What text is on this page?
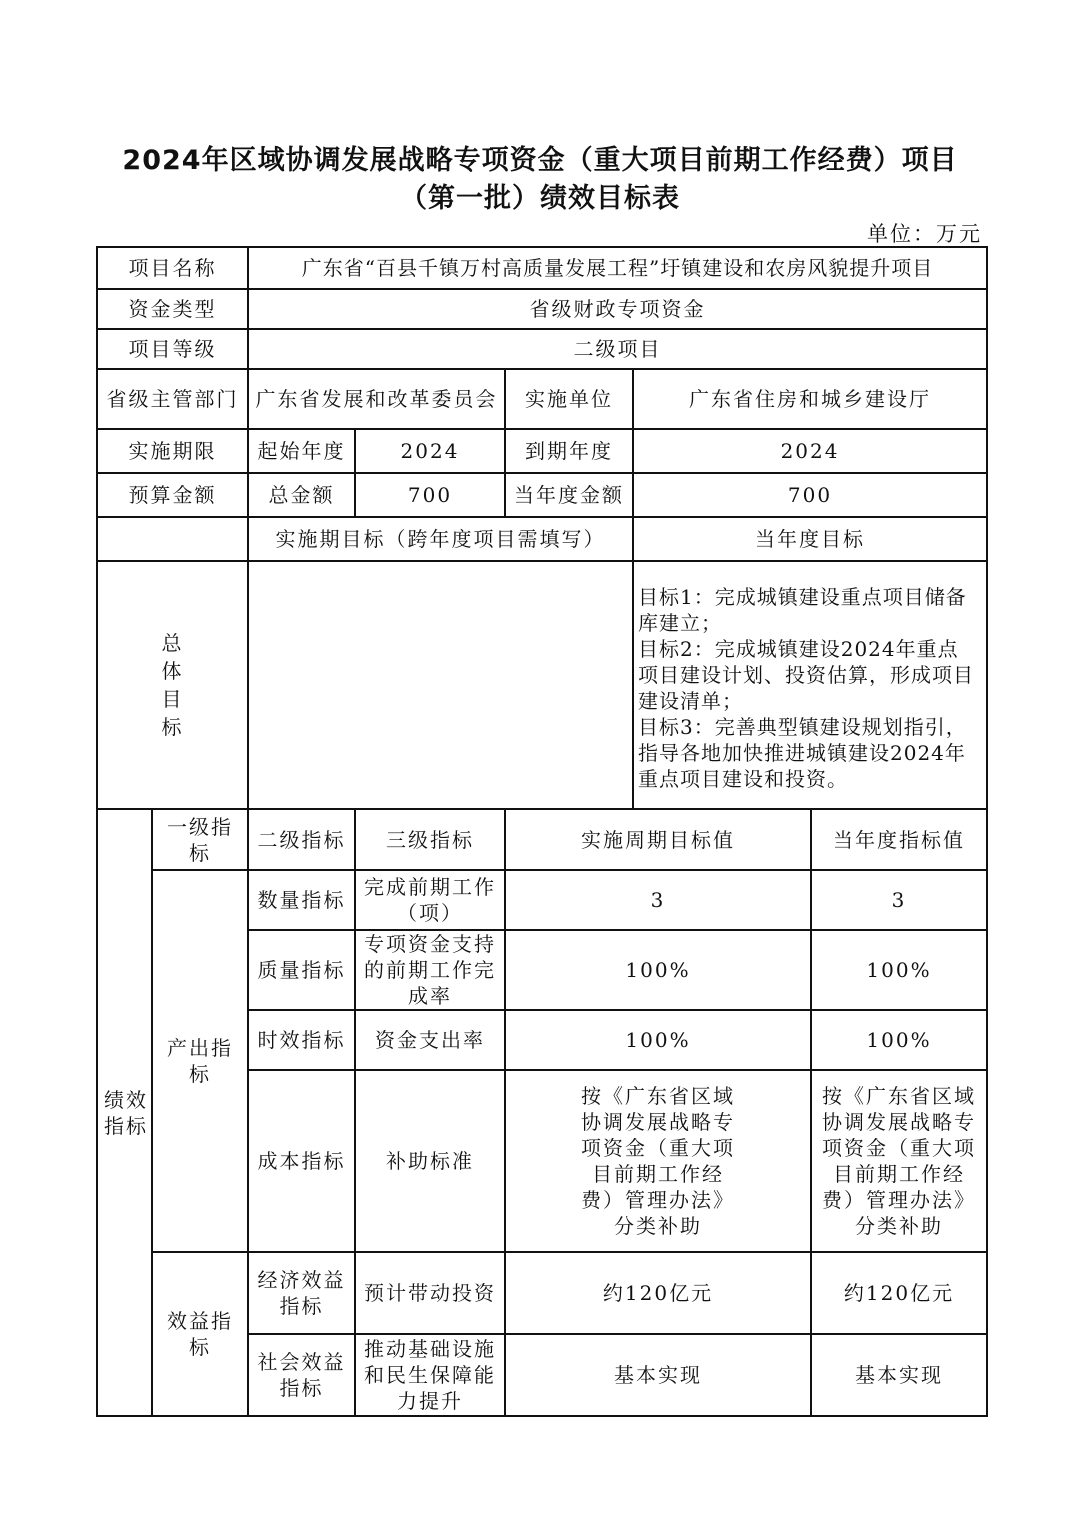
2024年区域协调发展战略专项资金（重大项目前期工作经费）项目
（第一批）绩效目标表
单位：万元
项目名称		广东省“百县千镇万村高质量发展工程”圩镇建设和农房风貌提升项目				
资金类型		省级财政专项资金				
项目等级		二级项目				
省级主管部门		广东省发展和改革委员会		实施单位	广东省住房和城乡建设厅	
实施期限		起始年度	2024	到期年度	2024	
预算金额		总金额	700	当年度金额	700	
		实施期目标（跨年度项目需填写）			当年度目标	
总体目标					目标1：完成城镇建设重点项目储备库建立；
目标2：完成城镇建设2024年重点项目建设计划、投资估算，形成项目建设清单；
目标3：完善典型镇建设规划指引，指导各地加快推进城镇建设2024年重点项目建设和投资。	
绩效指标	一级指标	二级指标	三级指标	实施周期目标值		当年度指标值
	产出指标	数量指标	完成前期工作（项）	3		3
		质量指标	专项资金支持的前期工作完成率	100%		100%
		时效指标	资金支出率	100%		100%
		成本指标	补助标准	按《广东省区域协调发展战略专项资金（重大项目前期工作经费）管理办法》分类补助		按《广东省区域协调发展战略专项资金（重大项目前期工作经费）管理办法》分类补助
	效益指标	经济效益指标	预计带动投资	约120亿元		约120亿元
		社会效益指标	推动基础设施和民生保障能力提升	基本实现		基本实现
